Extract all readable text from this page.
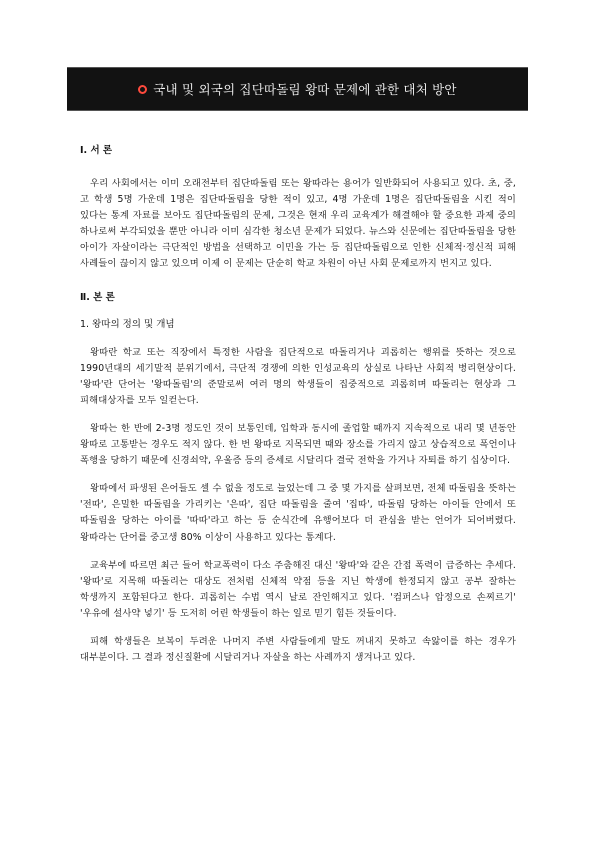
국내 및 외국의 집단따돌림 왕따 문제에 관한 대처 방안
Ⅰ. 서 론

우리 사회에서는 이미 오래전부터 집단따돌림 또는 왕따라는 용어가 일반화되어 사용되고 있다. 초, 중, 고 학생 5명 가운데 1명은 집단따돌림을 당한 적이 있고, 4명 가운데 1명은 집단따돌림을 시킨 적이 있다는 통계 자료를 보아도 집단따돌림의 문제, 그것은 현재 우리 교육계가 해결해야 할 중요한 과제 중의 하나로써 부각되었을 뿐만 아니라 이미 심각한 청소년 문제가 되었다. 뉴스와 신문에는 집단따돌림을 당한 아이가 자살이라는 극단적인 방법을 선택하고 이민을 가는 등 집단따돌림으로 인한 신체적·정신적 피해 사례들이 끊이지 않고 있으며 이제 이 문제는 단순히 학교 차원이 아닌 사회 문제로까지 번지고 있다.

Ⅱ. 본 론
1. 왕따의 정의 및 개념

왕따란 학교 또는 직장에서 특정한 사람을 집단적으로 따돌리거나 괴롭히는 행위를 뜻하는 것으로 1990년대의 세기말적 분위기에서, 극단적 경쟁에 의한 인성교육의 상실로 나타난 사회적 병리현상이다. '왕따'란 단어는 '왕따돌림'의 준말로써 여러 명의 학생들이 집중적으로 괴롭히며 따돌리는 현상과 그 피해대상자를 모두 일컫는다.

왕따는 한 반에 2-3명 정도인 것이 보통인데, 입학과 동시에 졸업할 때까지 지속적으로 내리 몇 년동안 왕따로 고통받는 경우도 적지 않다. 한 번 왕따로 지목되면 때와 장소를 가리지 않고 상습적으로 폭언이나 폭행을 당하기 때문에 신경쇠약, 우울증 등의 증세로 시달리다 결국 전학을 가거나 자퇴를 하기 십상이다.

왕따에서 파생된 은어들도 셀 수 없을 정도로 늘었는데 그 중 몇 가지를 살펴보면, 전체 따돌림을 뜻하는 '전따', 은밀한 따돌림을 가리키는 '은따', 집단 따돌림을 줄여 '집따', 따돌림 당하는 아이들 안에서 또 따돌림을 당하는 아이를 '따따'라고 하는 등 순식간에 유행어보다 더 관심을 받는 언어가 되어버렸다. 왕따라는 단어를 중고생 80% 이상이 사용하고 있다는 통계다.

교육부에 따르면 최근 들어 학교폭력이 다소 주춤해진 대신 '왕따'와 같은 간접 폭력이 급증하는 추세다. '왕따'로 지목해 따돌리는 대상도 전처럼 신체적 약점 등을 지닌 학생에 한정되지 않고 공부 잘하는 학생까지 포함된다고 한다. 괴롭히는 수법 역시 날로 잔인해지고 있다. '컴퍼스나 압정으로 손찌르기' '우유에 설사약 넣기' 등 도저히 어린 학생들이 하는 일로 믿기 힘든 것들이다.

피해 학생들은 보복이 두려운 나머지 주변 사람들에게 말도 꺼내지 못하고 속앓이를 하는 경우가 대부분이다. 그 결과 정신질환에 시달리거나 자살을 하는 사례까지 생겨나고 있다.
